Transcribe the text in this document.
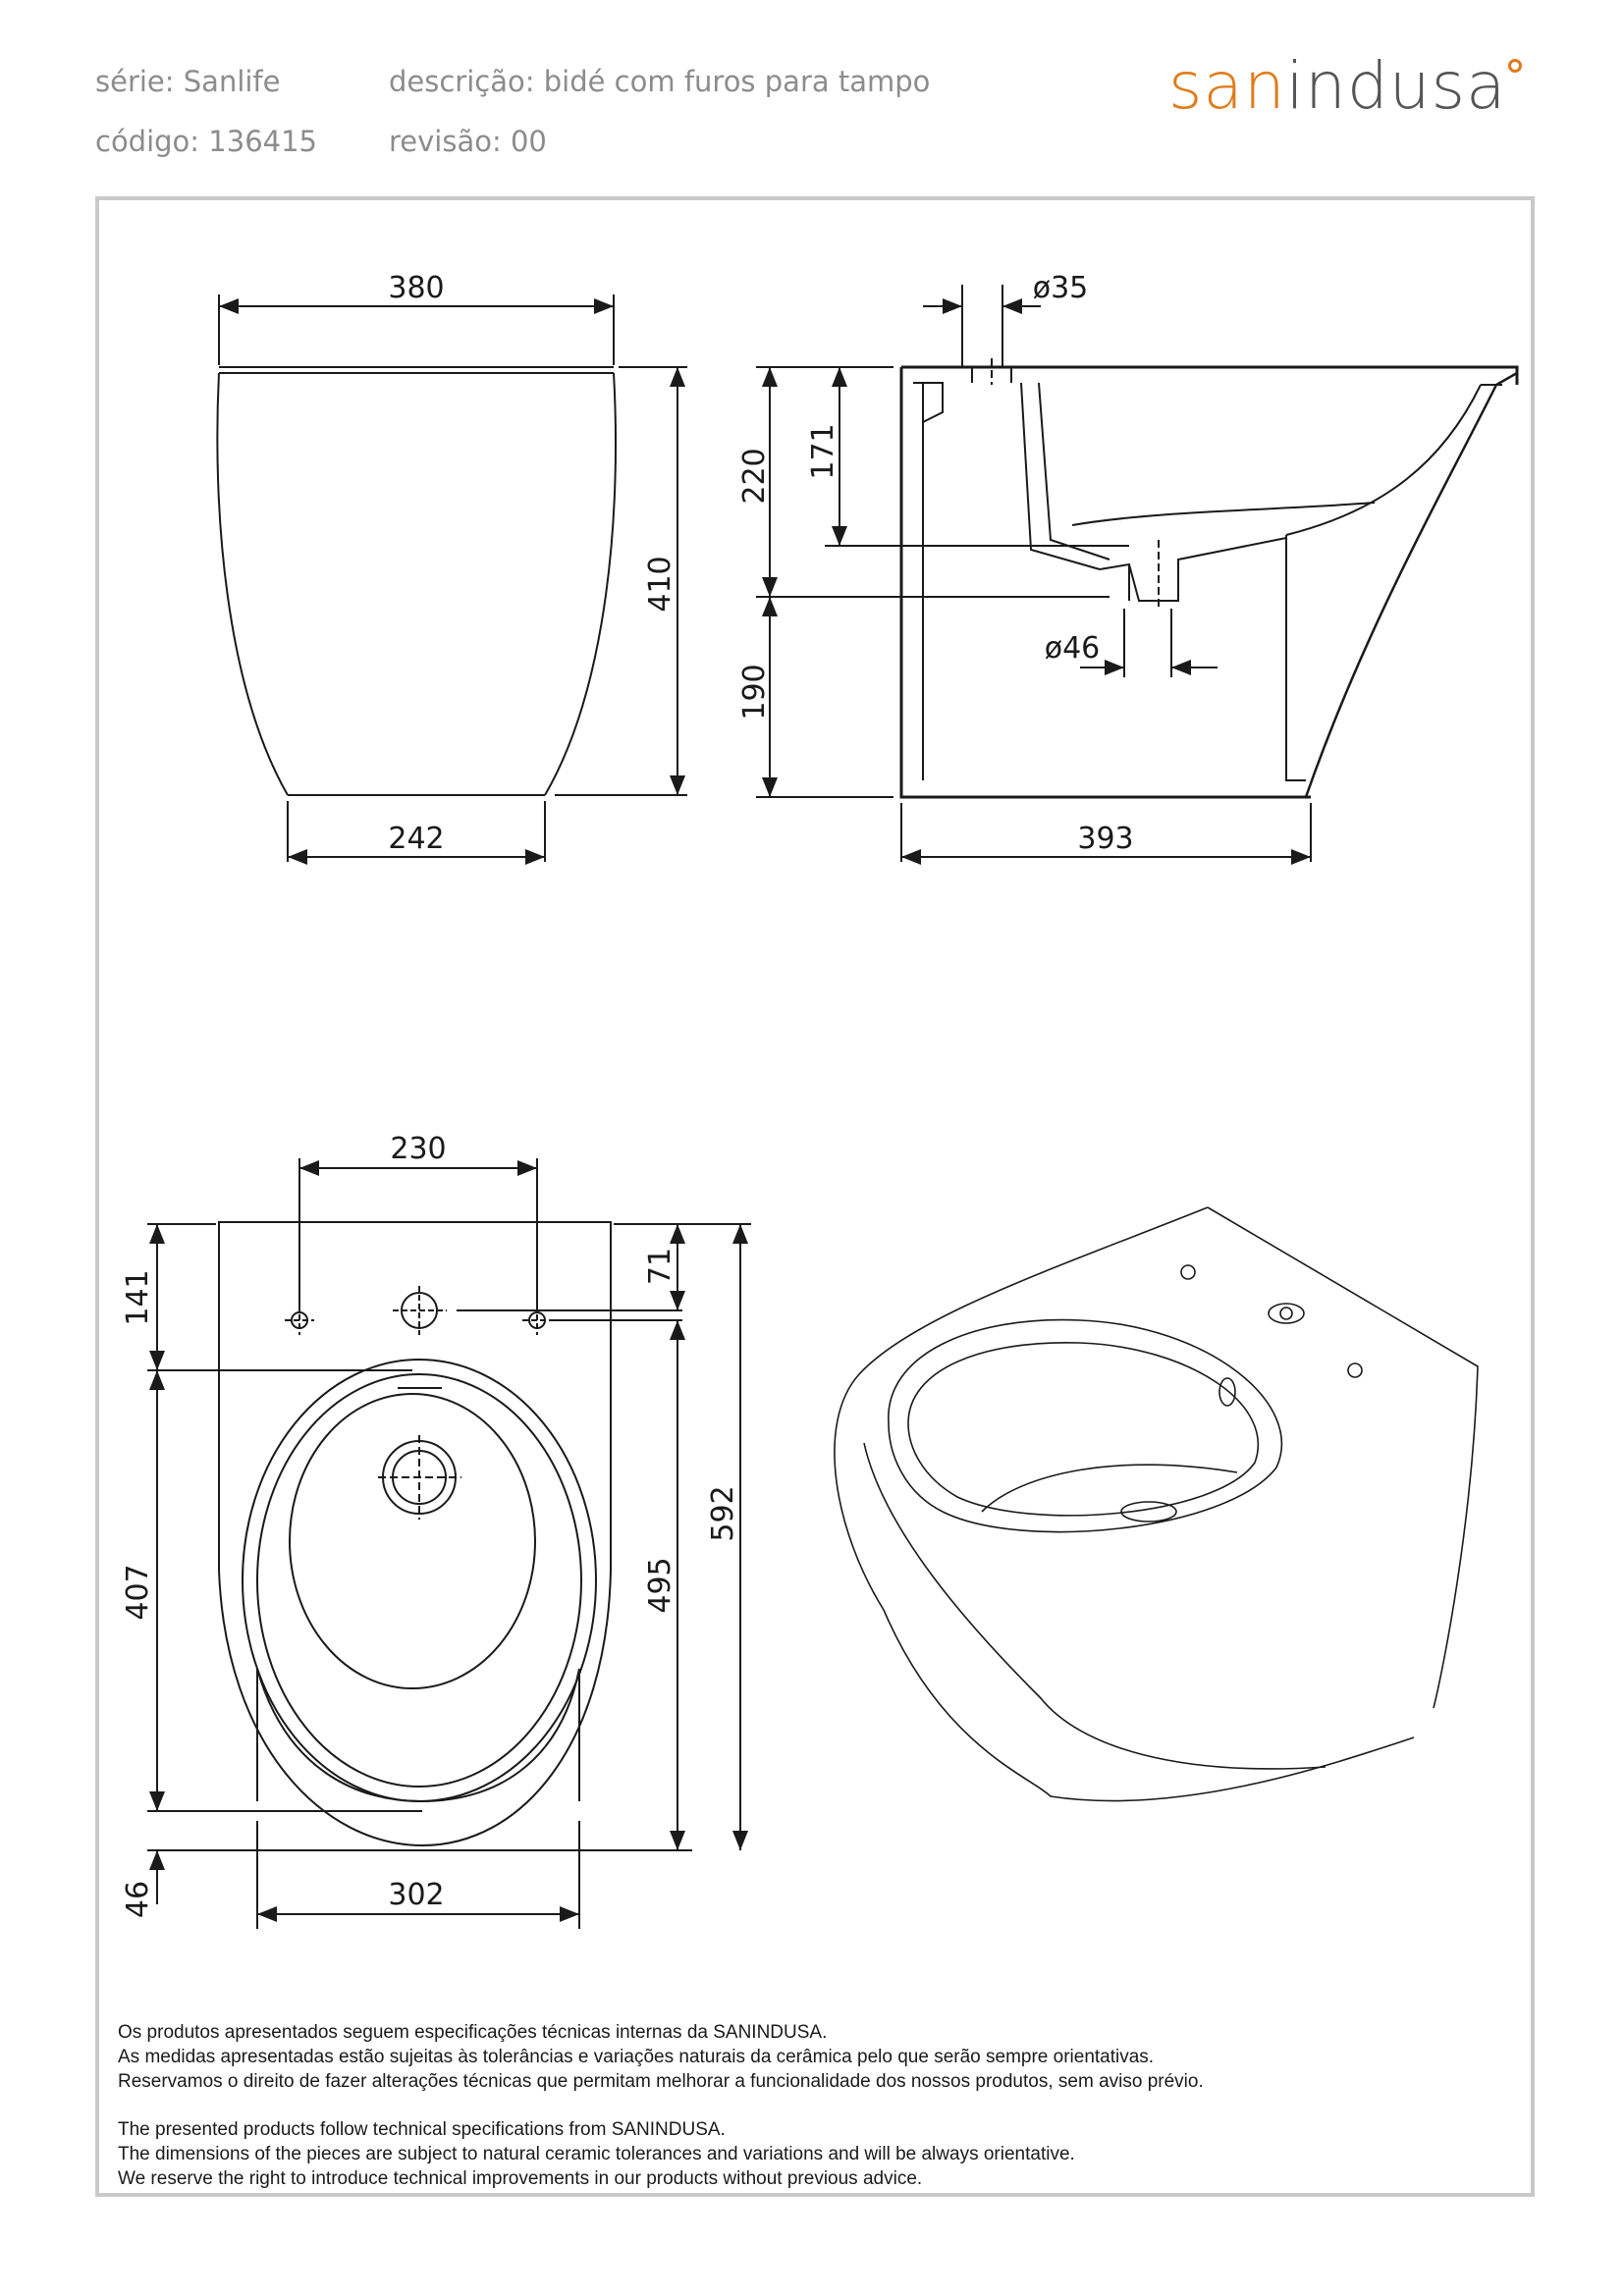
série: Sanlife	descrição: bidé com furos para tampo
código: 136415	revisão: 00
sanindusa
380
242
410
ø35
220 171
190
ø46
393
230
141
71
407	495
592
46	302
Os produtos apresentados seguem especificações técnicas internas da SANINDUSA.
As medidas apresentadas estão sujeitas às tolerâncias e variações naturais da cerâmica pelo que serão sempre orientativas.
Reservamos o direito de fazer alterações técnicas que permitam melhorar a funcionalidade dos nossos produtos, sem aviso prévio.
The presented products follow technical specifications from SANINDUSA.
The dimensions of the pieces are subject to natural ceramic tolerances and variations and will be always orientative.
We reserve the right to introduce technical improvements in our products without previous advice.
